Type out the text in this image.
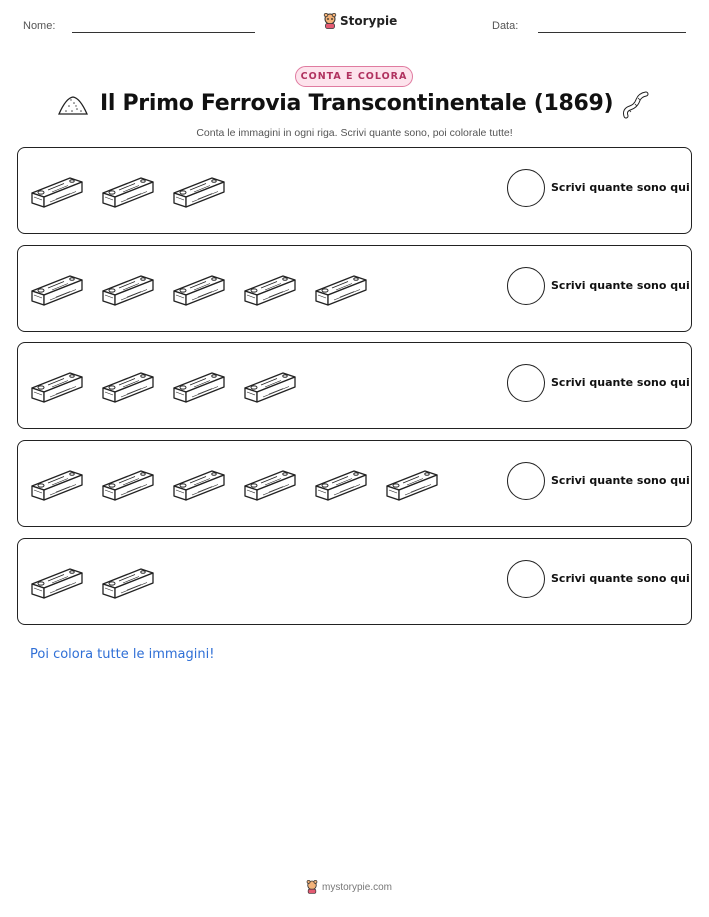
Nome:	Storypie	Data:
CONTA E COLORA
Il Primo Ferrovia Transcontinentale (1869)
Conta le immagini in ogni riga. Scrivi quante sono, poi colorale tutte!
Scrivi quante sono qui
Scrivi quante sono qui
Scrivi quante sono qui
Scrivi quante sono qui
Scrivi quante sono qui
Poi colora tutte le immagini!
mystorypie.com
